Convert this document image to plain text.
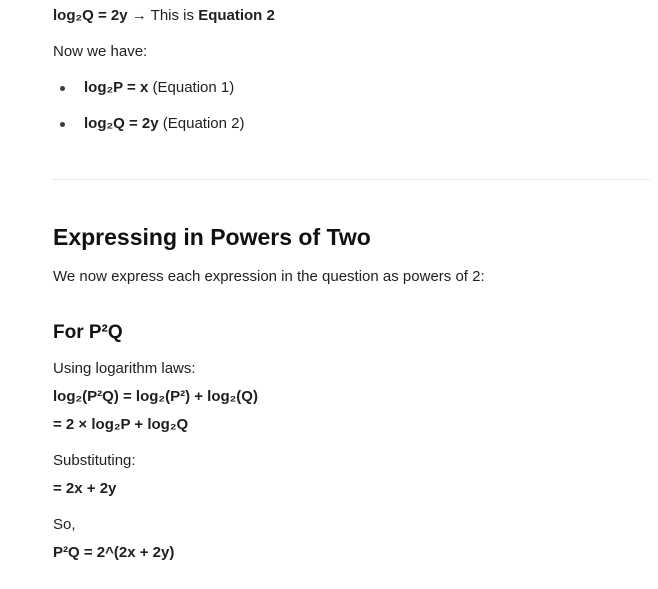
log₂Q = 2y → This is Equation 2
Now we have:
log₂P = x (Equation 1)
log₂Q = 2y (Equation 2)
Expressing in Powers of Two
We now express each expression in the question as powers of 2:
For P²Q
Using logarithm laws:
log₂(P²Q) = log₂(P²) + log₂(Q)
= 2 × log₂P + log₂Q
Substituting:
= 2x + 2y
So,
P²Q = 2^(2x + 2y)
